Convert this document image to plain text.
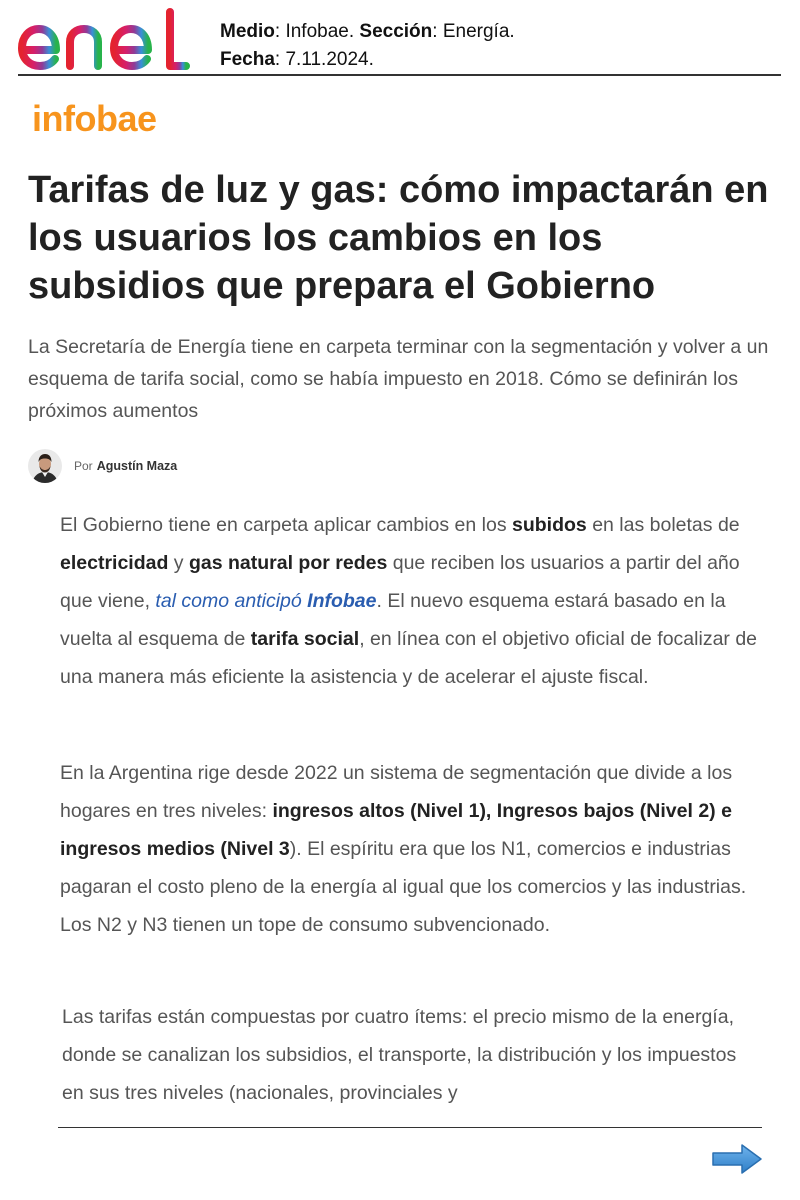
Medio: Infobae. Sección: Energía.
Fecha: 7.11.2024.
infobae
Tarifas de luz y gas: cómo impactarán en los usuarios los cambios en los subsidios que prepara el Gobierno

La Secretaría de Energía tiene en carpeta terminar con la segmentación y volver a un esquema de tarifa social, como se había impuesto en 2018. Cómo se definirán los próximos aumentos

Por Agustín Maza

El Gobierno tiene en carpeta aplicar cambios en los subidos en las boletas de electricidad y gas natural por redes que reciben los usuarios a partir del año que viene, tal como anticipó Infobae. El nuevo esquema estará basado en la vuelta al esquema de tarifa social, en línea con el objetivo oficial de focalizar de una manera más eficiente la asistencia y de acelerar el ajuste fiscal.

En la Argentina rige desde 2022 un sistema de segmentación que divide a los hogares en tres niveles: ingresos altos (Nivel 1), Ingresos bajos (Nivel 2) e ingresos medios (Nivel 3). El espíritu era que los N1, comercios e industrias pagaran el costo pleno de la energía al igual que los comercios y las industrias. Los N2 y N3 tienen un tope de consumo subvencionado.

Las tarifas están compuestas por cuatro ítems: el precio mismo de la energía, donde se canalizan los subsidios, el transporte, la distribución y los impuestos en sus tres niveles (nacionales, provinciales y
